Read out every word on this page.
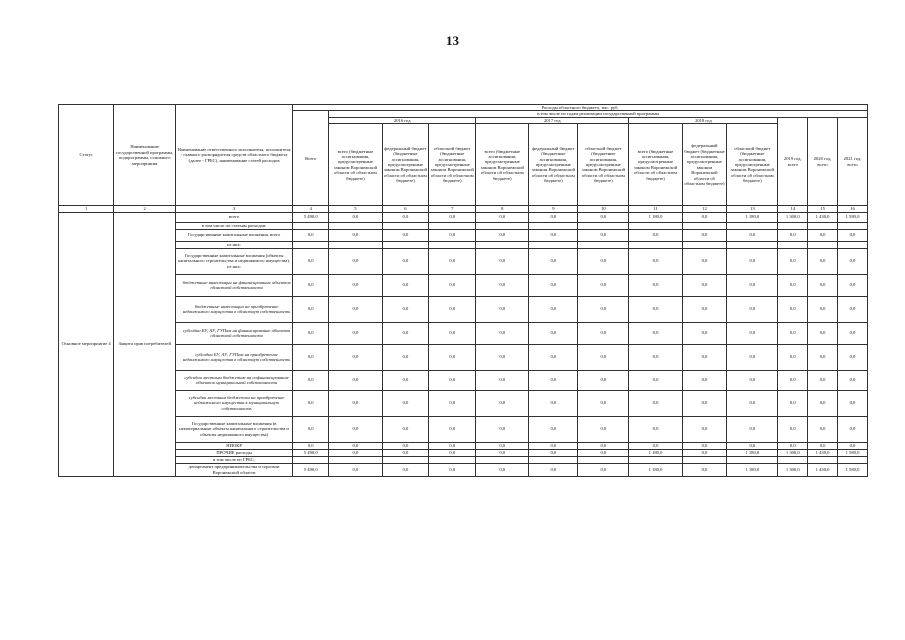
13
Статус	Наименование государственной программы, подпрограммы, основного мероприятия	Наименование ответственного исполнителя, исполнителя - главного распорядителя средств областного бюджета (далее - ГРБС), наименование статей расходов	Расходы областного бюджета, тыс. руб.												
			Всего	в том числе по годам реализации государственной программы											
				2016 год			2017 год			2018 год			2019 год, всего	2020 год, всего	2021 год, всего
				всего (бюджетные ассигнования, предусмотренные законом Воронежской области об областном бюджете)	федеральный бюджет (бюджетные ассигнования, предусмотренные законом Воронежской области об областном бюджете)	областной бюджет (бюджетные ассигнования, предусмотренные законом Воронежской области об областном бюджете)	всего (бюджетные ассигнования, предусмотренные законом Воронежской области об областном бюджете)	федеральный бюджет (бюджетные ассигнования, предусмотренные законом Воронежской области об областном бюджете)	областной бюджет (бюджетные ассигнования, предусмотренные законом Воронежской области об областном бюджете)	всего (бюджетные ассигнования, предусмотренные законом Воронежской области об областном бюджете)	федеральный бюджет (бюджетные ассигнования, предусмотренные законом Воронежской области об областном бюджете)	областной бюджет (бюджетные ассигнования, предусмотренные законом Воронежской области об областном бюджете)			
1	2	3	4	5	6	7	8	9	10	11	12	13	14	15	16
Основное мероприятие 4	Защита прав потребителей	всего	5 490,0	0,0	0,0	0,0	0,0	0,0	0,0	1 180,0	0,0	1 180,0	1 300,0	1 430,0	1 580,0
		в том числе по статьям расходов:													
		Государственные капитальные вложения, всего	0,0	0,0	0,0	0,0	0,0	0,0	0,0	0,0	0,0	0,0	0,0	0,0	0,0
		из них:													
		Государственные капитальные вложения (объекты капитального строительства и недвижимого имущества), из них:	0,0	0,0	0,0	0,0	0,0	0,0	0,0	0,0	0,0	0,0	0,0	0,0	0,0
		бюджетные инвестиции на финансирование объектов областной собственности	0,0	0,0	0,0	0,0	0,0	0,0	0,0	0,0	0,0	0,0	0,0	0,0	0,0
		бюджетные инвестиции на приобретение недвижимого имущества в областную собственность	0,0	0,0	0,0	0,0	0,0	0,0	0,0	0,0	0,0	0,0	0,0	0,0	0,0
		субсидии БУ, АУ, ГУПам на финансирование объектов областной собственности	0,0	0,0	0,0	0,0	0,0	0,0	0,0	0,0	0,0	0,0	0,0	0,0	0,0
		субсидии БУ, АУ, ГУПам на приобретение недвижимого имущества в областную собственность	0,0	0,0	0,0	0,0	0,0	0,0	0,0	0,0	0,0	0,0	0,0	0,0	0,0
		субсидии местным бюджетам на софинансирование объектов муниципальной собственности	0,0	0,0	0,0	0,0	0,0	0,0	0,0	0,0	0,0	0,0	0,0	0,0	0,0
		субсидии местным бюджетам на приобретение недвижимого имущества в муниципальную собственность	0,0	0,0	0,0	0,0	0,0	0,0	0,0	0,0	0,0	0,0	0,0	0,0	0,0
		Государственные капитальные вложения (в нематериальные объекты капитального строительства и объекты недвижимого имущества)	0,0	0,0	0,0	0,0	0,0	0,0	0,0	0,0	0,0	0,0	0,0	0,0	0,0
		НИОКР	0,0	0,0	0,0	0,0	0,0	0,0	0,0	0,0	0,0	0,0	0,0	0,0	0,0
		ПРОЧИЕ расходы	5 490,0	0,0	0,0	0,0	0,0	0,0	0,0	1 180,0	0,0	1 180,0	1 300,0	1 430,0	1 580,0
		в том числе по ГРБС:													
		департамент предпринимательства и торговли Воронежской области	5 490,0	0,0	0,0	0,0	0,0	0,0	0,0	1 180,0	0,0	1 180,0	1 300,0	1 430,0	1 580,0
